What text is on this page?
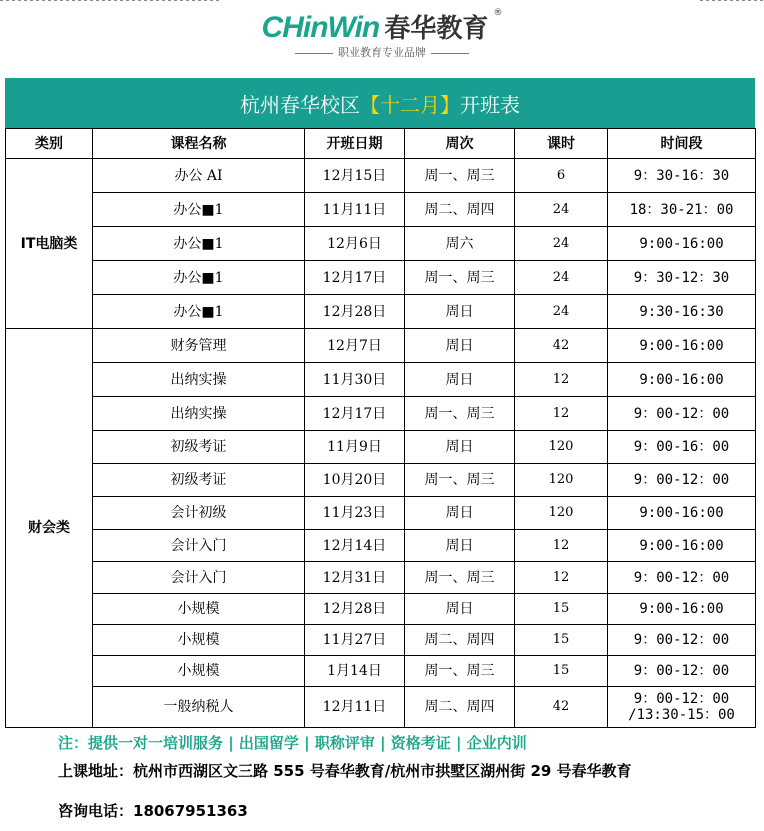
CHinWin 春华教育 ®
职业教育专业品牌
杭州春华校区 【十二月】 开班表
类别	课程名称	开班日期	周次	课时	时间段
IT电脑类	办公 AI	12月15日	周一、周三	6	9：30-16：30
	办公■1	11月11日	周二、周四	24	18：30-21：00
	办公■1	12月6日	周六	24	9:00-16:00
	办公■1	12月17日	周一、周三	24	9：30-12：30
	办公■1	12月28日	周日	24	9:30-16:30
财会类	财务管理	12月7日	周日	42	9:00-16:00
	出纳实操	11月30日	周日	12	9:00-16:00
	出纳实操	12月17日	周一、周三	12	9：00-12：00
	初级考证	11月9日	周日	120	9：00-16：00
	初级考证	10月20日	周一、周三	120	9：00-12：00
	会计初级	11月23日	周日	120	9:00-16:00
	会计入门	12月14日	周日	12	9:00-16:00
	会计入门	12月31日	周一、周三	12	9：00-12：00
	小规模	12月28日	周日	15	9:00-16:00
	小规模	11月27日	周二、周四	15	9：00-12：00
	小规模	1月14日	周一、周三	15	9：00-12：00
	一般纳税人	12月11日	周二、周四	42	9：00-12：00
/13:30-15：00
注：提供一对一培训服务 | 出国留学 | 职称评审 | 资格考证 | 企业内训
上课地址：杭州市西湖区文三路 555 号春华教育/杭州市拱墅区湖州街 29 号春华教育
咨询电话：18067951363
